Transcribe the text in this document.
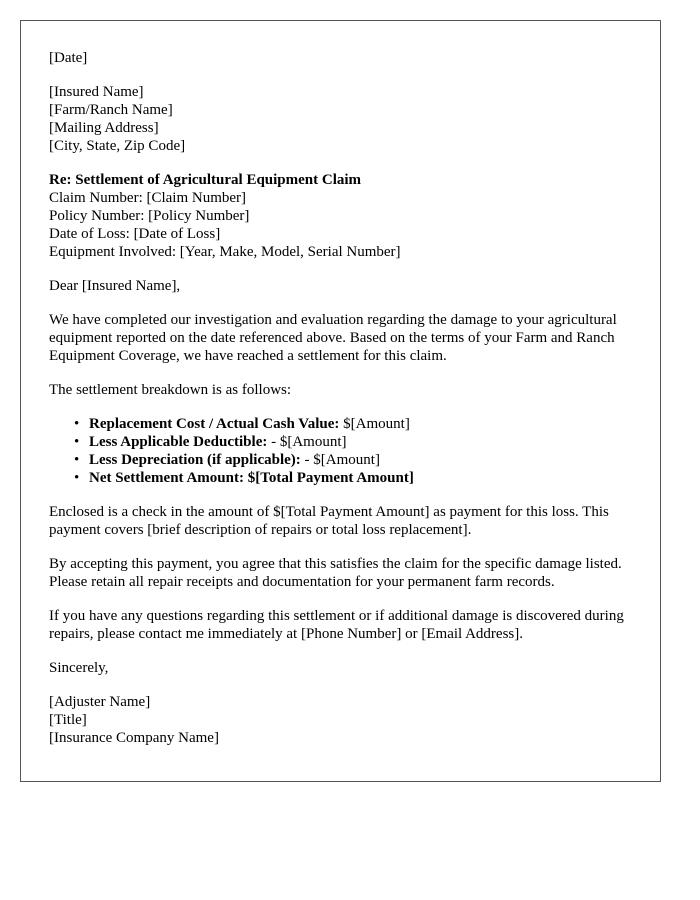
[Date]
[Insured Name]
[Farm/Ranch Name]
[Mailing Address]
[City, State, Zip Code]
Re: Settlement of Agricultural Equipment Claim
Claim Number: [Claim Number]
Policy Number: [Policy Number]
Date of Loss: [Date of Loss]
Equipment Involved: [Year, Make, Model, Serial Number]
Dear [Insured Name],
We have completed our investigation and evaluation regarding the damage to your agricultural equipment reported on the date referenced above. Based on the terms of your Farm and Ranch Equipment Coverage, we have reached a settlement for this claim.
The settlement breakdown is as follows:
• Replacement Cost / Actual Cash Value: $[Amount]
• Less Applicable Deductible: - $[Amount]
• Less Depreciation (if applicable): - $[Amount]
• Net Settlement Amount: $[Total Payment Amount]
Enclosed is a check in the amount of $[Total Payment Amount] as payment for this loss. This payment covers [brief description of repairs or total loss replacement].
By accepting this payment, you agree that this satisfies the claim for the specific damage listed. Please retain all repair receipts and documentation for your permanent farm records.
If you have any questions regarding this settlement or if additional damage is discovered during repairs, please contact me immediately at [Phone Number] or [Email Address].
Sincerely,
[Adjuster Name]
[Title]
[Insurance Company Name]
